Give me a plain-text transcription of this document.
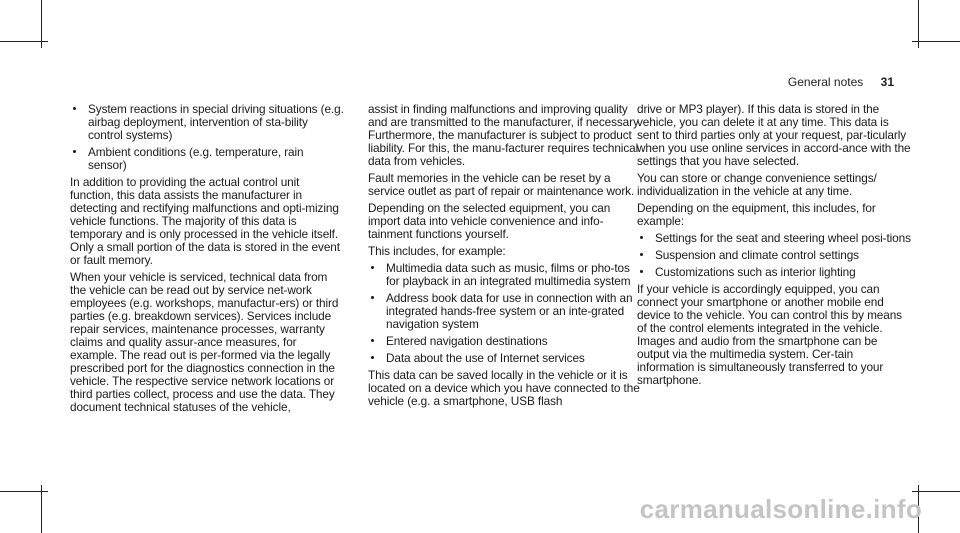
General notes 31
System reactions in special driving situations (e.g. airbag deployment, intervention of sta-bility control systems)
Ambient conditions (e.g. temperature, rain sensor)

In addition to providing the actual control unit function, this data assists the manufacturer in detecting and rectifying malfunctions and opti-mizing vehicle functions. The majority of this data is temporary and is only processed in the vehicle itself. Only a small portion of the data is stored in the event or fault memory.

When your vehicle is serviced, technical data from the vehicle can be read out by service net-work employees (e.g. workshops, manufactur-ers) or third parties (e.g. breakdown services). Services include repair services, maintenance processes, warranty claims and quality assur-ance measures, for example. The read out is per-formed via the legally prescribed port for the diagnostics connection in the vehicle. The respective service network locations or third parties collect, process and use the data. They document technical statuses of the vehicle,

assist in finding malfunctions and improving quality and are transmitted to the manufacturer, if necessary. Furthermore, the manufacturer is subject to product liability. For this, the manu-facturer requires technical data from vehicles.

Fault memories in the vehicle can be reset by a service outlet as part of repair or maintenance work.

Depending on the selected equipment, you can import data into vehicle convenience and info-tainment functions yourself.

This includes, for example:

Multimedia data such as music, films or pho-tos for playback in an integrated multimedia system
Address book data for use in connection with an integrated hands-free system or an inte-grated navigation system
Entered navigation destinations
Data about the use of Internet services

This data can be saved locally in the vehicle or it is located on a device which you have connected to the vehicle (e.g. a smartphone, USB flash

drive or MP3 player). If this data is stored in the vehicle, you can delete it at any time. This data is sent to third parties only at your request, par-ticularly when you use online services in accord-ance with the settings that you have selected.

You can store or change convenience settings/ individualization in the vehicle at any time.

Depending on the equipment, this includes, for example:

Settings for the seat and steering wheel posi-tions
Suspension and climate control settings
Customizations such as interior lighting

If your vehicle is accordingly equipped, you can connect your smartphone or another mobile end device to the vehicle. You can control this by means of the control elements integrated in the vehicle. Images and audio from the smartphone can be output via the multimedia system. Cer-tain information is simultaneously transferred to your smartphone.

carmanualsonline.info
